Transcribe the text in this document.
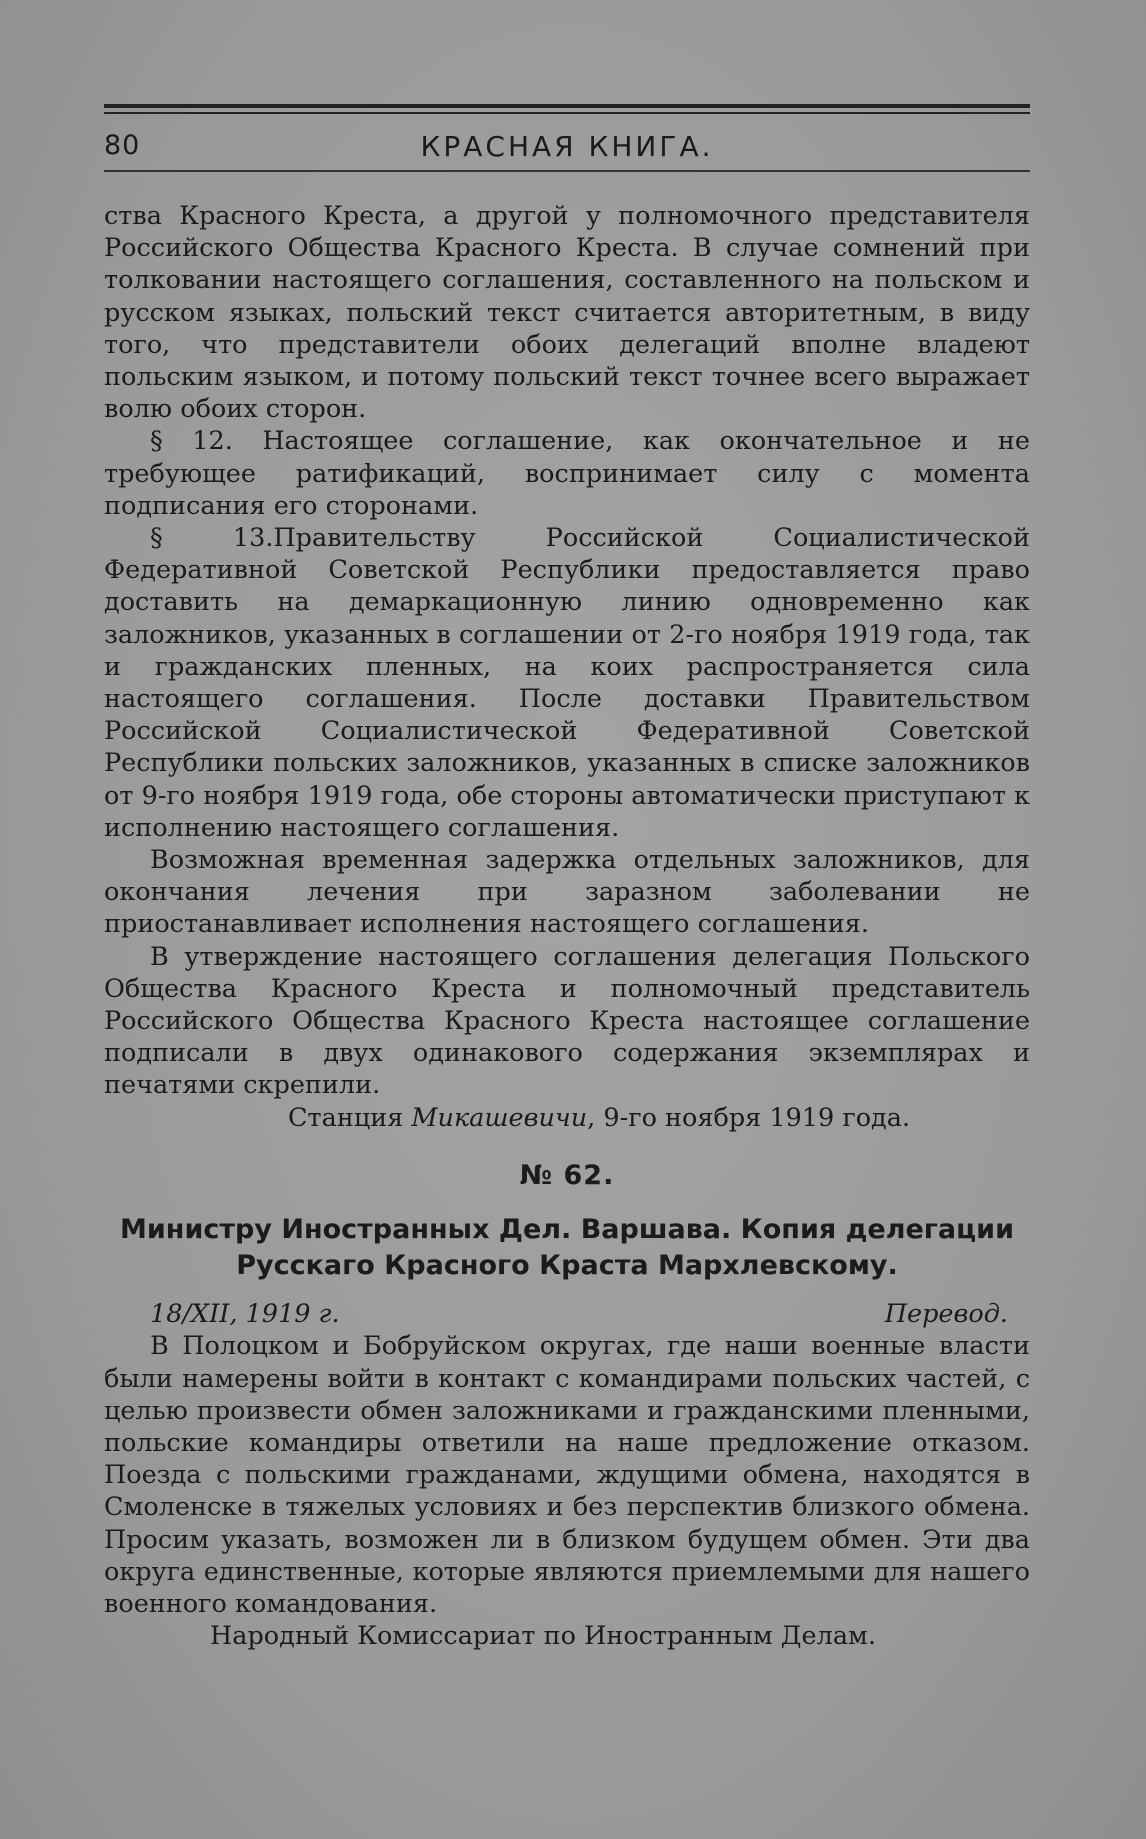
80	КРАСНАЯ КНИГА.

ства Красного Креста, а другой у полномочного представителя Российского Общества Красного Креста. В случае сомнений при толковании настоящего соглашения, составленного на польском и русском языках, польский текст считается авторитетным, в виду того, что представители обоих делегаций вполне владеют польским языком, и потому польский текст точнее всего выражает волю обоих сторон.

§ 12. Настоящее соглашение, как окончательное и не требующее ратификаций, воспринимает силу с момента подписания его сторонами.

§ 13.Правительству Российской Социалистической Федеративной Советской Республики предоставляется право доставить на демаркационную линию одновременно как заложников, указанных в соглашении от 2-го ноября 1919 года, так и гражданских пленных, на коих распространяется сила настоящего соглашения. После доставки Правительством Российской Социалистической Федеративной Советской Республики польских заложников, указанных в списке заложников от 9-го ноября 1919 года, обе стороны автоматически приступают к исполнению настоящего соглашения.

Возможная временная задержка отдельных заложников, для окончания лечения при заразном заболевании не приостанавливает исполнения настоящего соглашения.

В утверждение настоящего соглашения делегация Польского Общества Красного Креста и полномочный представитель Российского Общества Красного Креста настоящее соглашение подписали в двух одинакового содержания экземплярах и печатями скрепили.

Станция Микашевичи, 9-го ноября 1919 года.

№ 62.
Министру Иностранных Дел. Варшава. Копия делегации Русскаго Красного Краста Мархлевскому.
18/XII, 1919 г.	Перевод.

В Полоцком и Бобруйском округах, где наши военные власти были намерены войти в контакт с командирами польских частей, с целью произвести обмен заложниками и гражданскими пленными, польские командиры ответили на наше предложение отказом. Поезда с польскими гражданами, ждущими обмена, находятся в Смоленске в тяжелых условиях и без перспектив близкого обмена. Просим указать, возможен ли в близком будущем обмен. Эти два округа единственные, которые являются приемлемыми для нашего военного командования.

Народный Комиссариат по Иностранным Делам.
